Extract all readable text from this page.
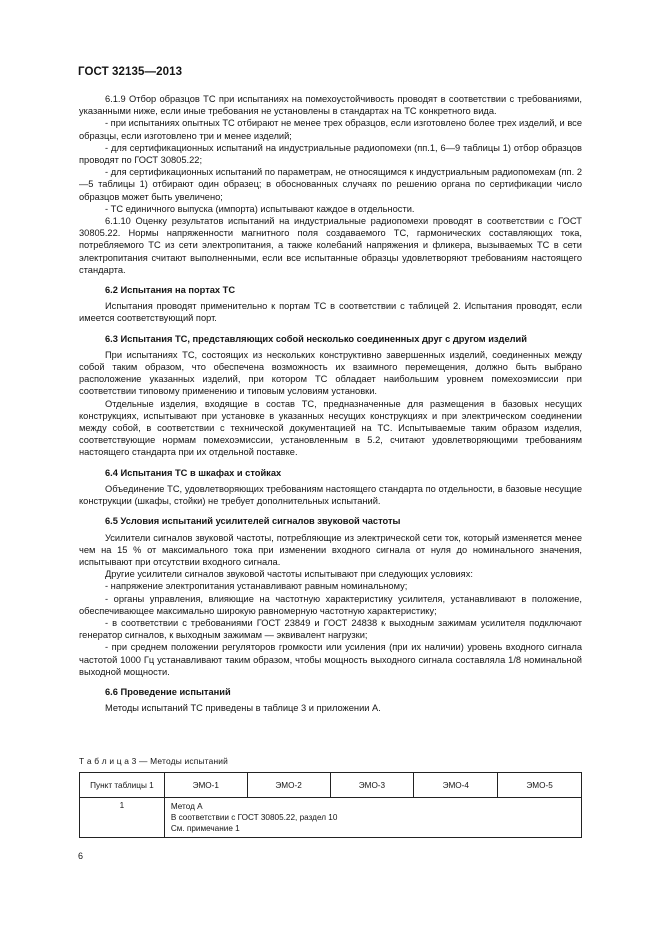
ГОСТ 32135—2013

6.1.9 Отбор образцов ТС при испытаниях на помехоустойчивость проводят в соответствии с требованиями, указанными ниже, если иные требования не установлены в стандартах на ТС конкретного вида.

- при испытаниях опытных ТС отбирают не менее трех образцов, если изготовлено более трех изделий, и все образцы, если изготовлено три и менее изделий;

- для сертификационных испытаний на индустриальные радиопомехи (пп.1, 6—9 таблицы 1) отбор образцов проводят по ГОСТ 30805.22;

- для сертификационных испытаний по параметрам, не относящимся к индустриальным радиопомехам (пп. 2—5 таблицы 1) отбирают один образец; в обоснованных случаях по решению органа по сертификации число образцов может быть увеличено;

- ТС единичного выпуска (импорта) испытывают каждое в отдельности.

6.1.10 Оценку результатов испытаний на индустриальные радиопомехи проводят в соответствии с ГОСТ 30805.22. Нормы напряженности магнитного поля создаваемого ТС, гармонических составляющих тока, потребляемого ТС из сети электропитания, а также колебаний напряжения и фликера, вызываемых ТС в сети электропитания считают выполненными, если все испытанные образцы удовлетворяют требованиям настоящего стандарта.

6.2 Испытания на портах ТС

Испытания проводят применительно к портам ТС в соответствии с таблицей 2. Испытания проводят, если имеется соответствующий порт.

6.3 Испытания ТС, представляющих собой несколько соединенных друг с другом изделий

При испытаниях ТС, состоящих из нескольких конструктивно завершенных изделий, соединенных между собой таким образом, что обеспечена возможность их взаимного перемещения, должно быть выбрано расположение указанных изделий, при котором ТС обладает наибольшим уровнем помехоэмиссии при соответствии типовому применению и типовым условиям установки.

Отдельные изделия, входящие в состав ТС, предназначенные для размещения в базовых несущих конструкциях, испытывают при установке в указанных несущих конструкциях и при электрическом соединении между собой, в соответствии с технической документацией на ТС. Испытываемые таким образом изделия, соответствующие нормам помехоэмиссии, установленным в 5.2, считают удовлетворяющими требованиям настоящего стандарта при их отдельной поставке.

6.4 Испытания ТС в шкафах и стойках

Объединение ТС, удовлетворяющих требованиям настоящего стандарта по отдельности, в базовые несущие конструкции (шкафы, стойки) не требует дополнительных испытаний.

6.5 Условия испытаний усилителей сигналов звуковой частоты

Усилители сигналов звуковой частоты, потребляющие из электрической сети ток, который изменяется менее чем на 15 % от максимального тока при изменении входного сигнала от нуля до номинального значения, испытывают при отсутствии входного сигнала.

Другие усилители сигналов звуковой частоты испытывают при следующих условиях:

- напряжение электропитания устанавливают равным номинальному;

- органы управления, влияющие на частотную характеристику усилителя, устанавливают в положение, обеспечивающее максимально широкую равномерную частотную характеристику;

- в соответствии с требованиями ГОСТ 23849 и ГОСТ 24838 к выходным зажимам усилителя подключают генератор сигналов, к выходным зажимам — эквивалент нагрузки;

- при среднем положении регуляторов громкости или усиления (при их наличии) уровень входного сигнала частотой 1000 Гц устанавливают таким образом, чтобы мощность выходного сигнала составляла 1/8 номинальной выходной мощности.

6.6 Проведение испытаний

Методы испытаний ТС приведены в таблице 3 и приложении А.

Т а б л и ц а 3 — Методы испытаний
Пункт таблицы 1	ЭМО-1	ЭМО-2	ЭМО-3	ЭМО-4	ЭМО-5
1	Метод А
В соответствии с ГОСТ 30805.22, раздел 10
См. примечание 1				
6
